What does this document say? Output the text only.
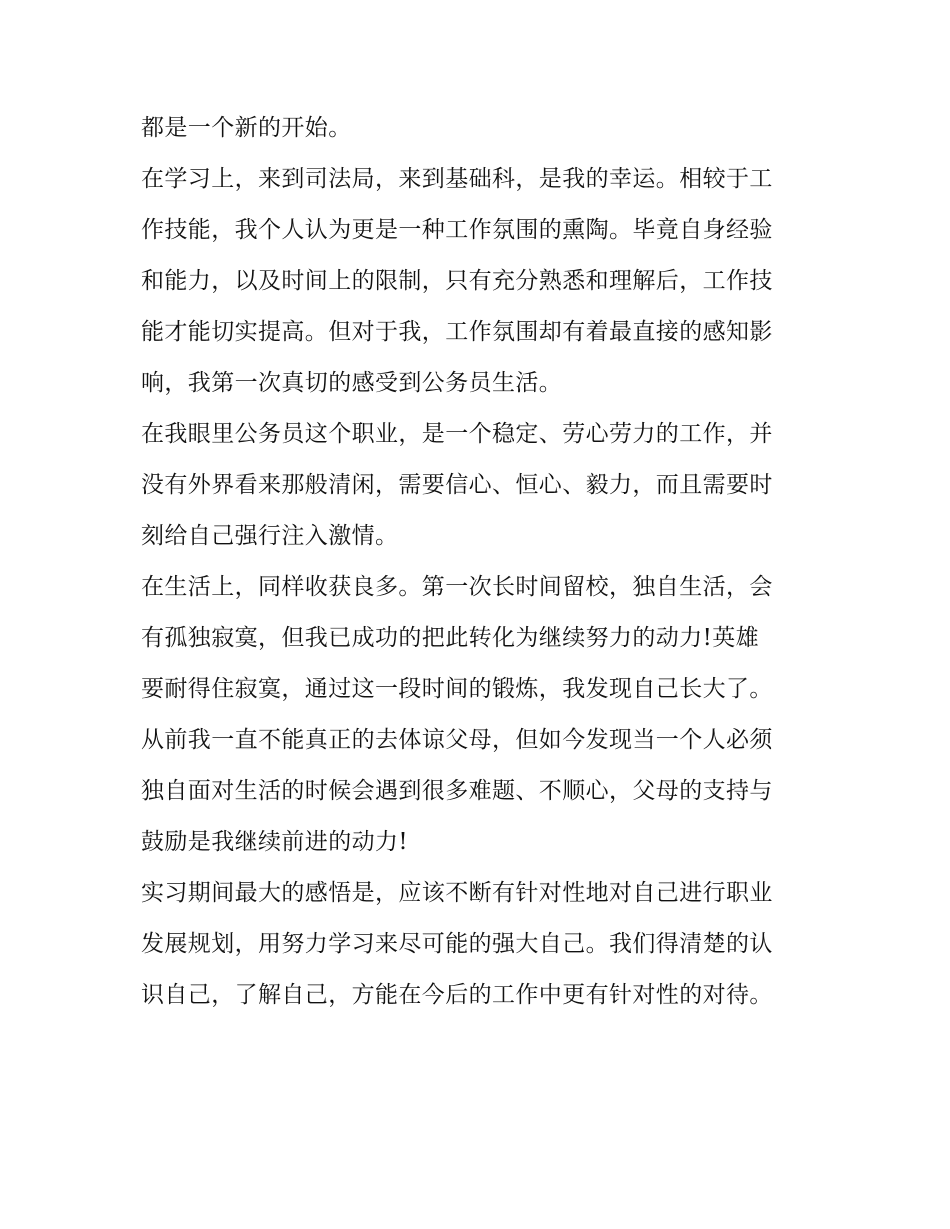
都是一个新的开始。
在学习上，来到司法局，来到基础科，是我的幸运。相较于工
作技能，我个人认为更是一种工作氛围的熏陶。毕竟自身经验
和能力，以及时间上的限制，只有充分熟悉和理解后，工作技
能才能切实提高。但对于我，工作氛围却有着最直接的感知影
响，我第一次真切的感受到公务员生活。
在我眼里公务员这个职业，是一个稳定、劳心劳力的工作，并
没有外界看来那般清闲，需要信心、恒心、毅力，而且需要时
刻给自己强行注入激情。
在生活上，同样收获良多。第一次长时间留校，独自生活，会
有孤独寂寞，但我已成功的把此转化为继续努力的动力!英雄
要耐得住寂寞，通过这一段时间的锻炼，我发现自己长大了。
从前我一直不能真正的去体谅父母，但如今发现当一个人必须
独自面对生活的时候会遇到很多难题、不顺心，父母的支持与
鼓励是我继续前进的动力!
实习期间最大的感悟是，应该不断有针对性地对自己进行职业
发展规划，用努力学习来尽可能的强大自己。我们得清楚的认
识自己，了解自己，方能在今后的工作中更有针对性的对待。
